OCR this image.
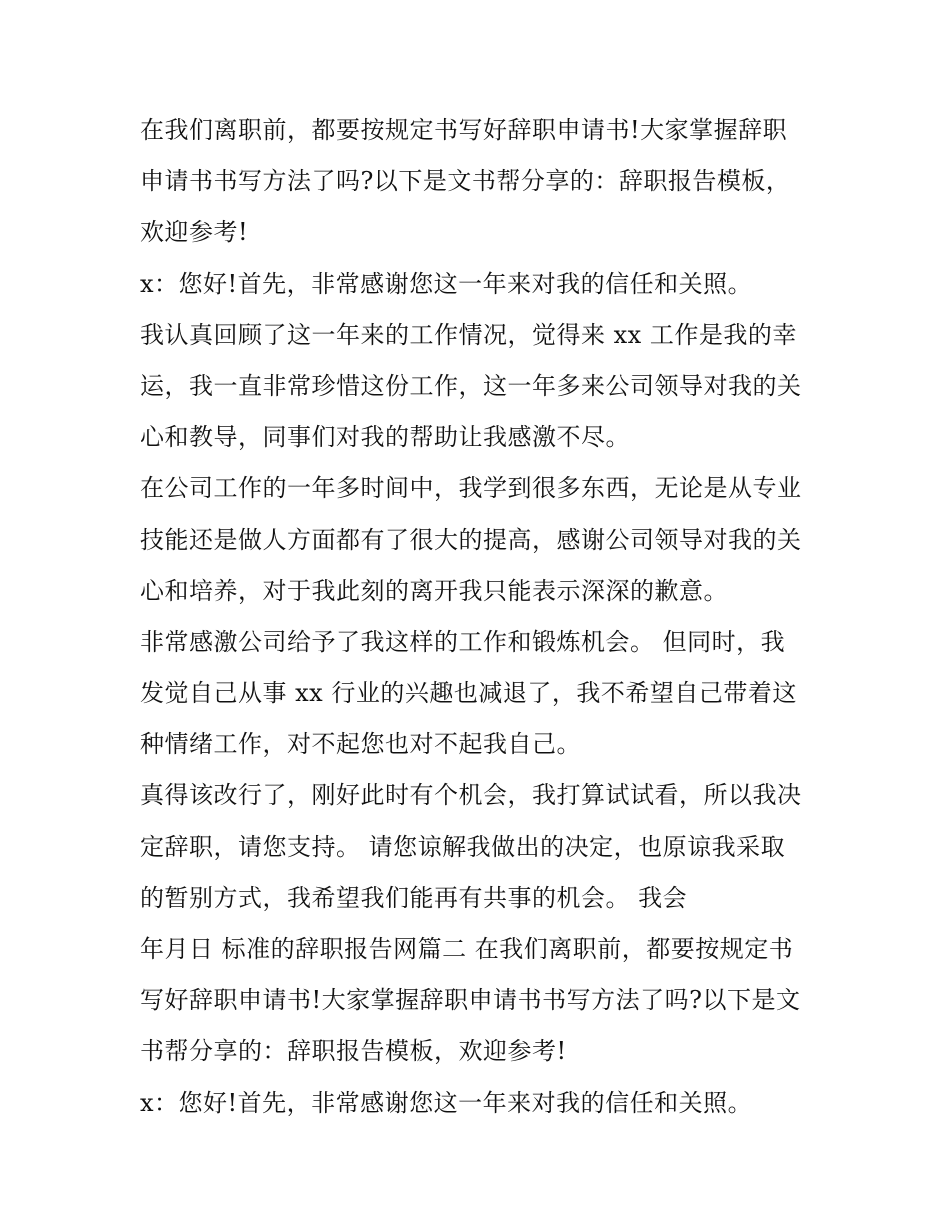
在我们离职前，都要按规定书写好辞职申请书!大家掌握辞职
申请书书写方法了吗?以下是文书帮分享的：辞职报告模板，
欢迎参考!
x：您好!首先，非常感谢您这一年来对我的信任和关照。
我认真回顾了这一年来的工作情况，觉得来 xx 工作是我的幸
运，我一直非常珍惜这份工作，这一年多来公司领导对我的关
心和教导，同事们对我的帮助让我感激不尽。
在公司工作的一年多时间中，我学到很多东西，无论是从专业
技能还是做人方面都有了很大的提高，感谢公司领导对我的关
心和培养，对于我此刻的离开我只能表示深深的歉意。
非常感激公司给予了我这样的工作和锻炼机会。 但同时，我
发觉自己从事 xx 行业的兴趣也减退了，我不希望自己带着这
种情绪工作，对不起您也对不起我自己。
真得该改行了，刚好此时有个机会，我打算试试看，所以我决
定辞职，请您支持。 请您谅解我做出的决定，也原谅我采取
的暂别方式，我希望我们能再有共事的机会。 我会
年月日 标准的辞职报告网篇二 在我们离职前，都要按规定书
写好辞职申请书!大家掌握辞职申请书书写方法了吗?以下是文
书帮分享的：辞职报告模板，欢迎参考!
x：您好!首先，非常感谢您这一年来对我的信任和关照。
